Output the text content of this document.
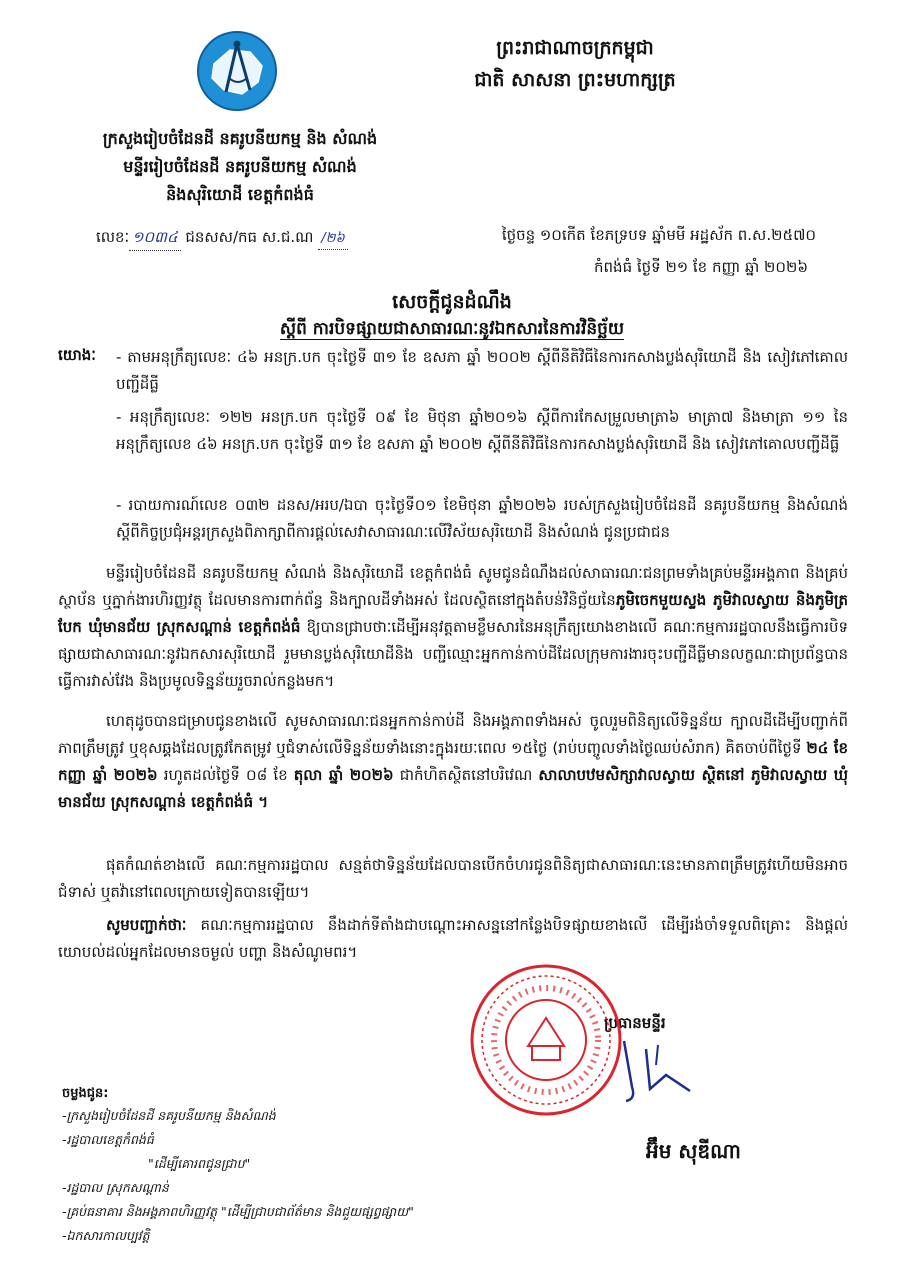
ព្រះរាជាណាចក្រកម្ពុជា
ជាតិ សាសនា ព្រះមហាក្សត្រ
ក្រសួងរៀបចំដែនដី នគរូបនីយកម្ម និង សំណង់
មន្ទីររៀបចំដែនដី នគរូបនីយកម្ម សំណង់
និងសុរិយោដី ខេត្តកំពង់ធំ
លេខៈ ១០៣៤ ជនសស/កធ ស.ជ.ណ /២៦	ថ្ងៃចន្ទ ១០កើត ខែភទ្របទ ឆ្នាំមមី អដ្ឋស័ក ព.ស.២៥៧០
កំពង់ធំ ថ្ងៃទី ២១ ខែ កញ្ញា ឆ្នាំ ២០២៦
សេចក្តីជូនដំណឹង
ស្តីពី ការបិទផ្សាយជាសាធារណៈនូវឯកសារនៃការវិនិច្ឆ័យ
យោងៈ - តាមអនុក្រឹត្យលេខៈ ៤៦ អនក្រ.បក ចុះថ្ងៃទី ៣១ ខែ ឧសភា ឆ្នាំ ២០០២ ស្តីពីនីតិវិធីនៃការកសាងប្លង់សុរិយោដី និង សៀវភៅគោលបញ្ជីដីធ្លី
- អនុក្រឹត្យលេខៈ ១២២ អនក្រ.បក ចុះថ្ងៃទី ០៩ ខែ មិថុនា ឆ្នាំ២០១៦ ស្តីពីការកែសម្រួលមាត្រា៦ មាត្រា៧ និងមាត្រា ១១ នៃអនុក្រឹត្យលេខ ៤៦ អនក្រ.បក ចុះថ្ងៃទី ៣១ ខែ ឧសភា ឆ្នាំ ២០០២ ស្តីពីនីតិវិធីនៃការកសាងប្លង់សុរិយោដី និង សៀវភៅគោលបញ្ជីដីធ្លី
- របាយការណ៍លេខ ០៣២ ដនស/អរប/ឯបា ចុះថ្ងៃទី០១ ខែមិថុនា ឆ្នាំ២០២៦ របស់ក្រសួងរៀបចំដែនដី នគរូបនីយកម្ម និងសំណង់ស្តីពីកិច្ចប្រជុំអន្តរក្រសួងពិភាក្សាពីការផ្តល់សេវាសាធារណៈលើវិស័យសុរិយោដី និងសំណង់ ជូនប្រជាជន
មន្ទីររៀបចំដែនដី នគរូបនីយកម្ម សំណង់ និងសុរិយោដី ខេត្តកំពង់ធំ សូមជូនដំណឹងដល់សាធារណៈជនព្រមទាំងគ្រប់មន្ទីរអង្គភាព និងគ្រប់ស្ថាប័ន ឬភ្នាក់ងារហិរញ្ញវត្ថុ ដែលមានការពាក់ព័ន្ធ និងក្បាលដីទាំងអស់ ដែលស្ថិតនៅក្នុងតំបន់វិនិច្ឆ័យនៃភូមិចេកមួយស្ទង ភូមិវាលស្វាយ និងភូមិត្របែក ឃុំមានជ័យ ស្រុកសណ្តាន់ ខេត្តកំពង់ធំ ឱ្យបានជ្រាបថាៈដើម្បីអនុវត្តតាមខ្លឹមសារនៃអនុក្រឹត្យយោងខាងលើ គណៈកម្មការរដ្ឋបាលនឹងធ្វើការបិទផ្សាយជាសាធារណៈនូវឯកសារសុរិយោដី រួមមានប្លង់សុរិយោដីនិង បញ្ជីឈ្មោះអ្នកកាន់កាប់ដីដែលក្រុមការងារចុះបញ្ជីដីធ្លីមានលក្ខណៈជាប្រព័ន្ធបានធ្វើការវាស់វែង និងប្រមូលទិន្នន័យរួចរាល់កន្លងមក។
ហេតុដូចបានជម្រាបជូនខាងលើ សូមសាធារណៈជនអ្នកកាន់កាប់ដី និងអង្គភាពទាំងអស់ ចូលរួមពិនិត្យលើទិន្នន័យ ក្បាលដីដើម្បីបញ្ជាក់ពីភាពត្រឹមត្រូវ ឬខុសឆ្គងដែលត្រូវកែតម្រូវ ឬជំទាស់លើទិន្នន័យទាំងនោះក្នុងរយៈពេល ១៥ថ្ងៃ (រាប់បញ្ចូលទាំងថ្ងៃឈប់សំរាក) គិតចាប់ពីថ្ងៃទី ២៤ ខែ កញ្ញា ឆ្នាំ ២០២៦ រហូតដល់ថ្ងៃទី ០៨ ខែ តុលា ឆ្នាំ ២០២៦ ជាកំហិតស្ថិតនៅបរិវេណ សាលាបឋមសិក្សាវាលស្វាយ ស្ថិតនៅ ភូមិវាលស្វាយ ឃុំមានជ័យ ស្រុកសណ្តាន់ ខេត្តកំពង់ធំ ។
ផុតកំណត់ខាងលើ គណៈកម្មការរដ្ឋបាល សន្មត់ថាទិន្នន័យដែលបានបើកចំហរជូនពិនិត្យជាសាធារណៈនេះមានភាពត្រឹមត្រូវហើយមិនអាចជំទាស់ ឬតវ៉ានៅពេលក្រោយទៀតបានឡើយ។
សូមបញ្ជាក់ថាៈ គណៈកម្មការរដ្ឋបាល នឹងដាក់ទីតាំងជាបណ្តោះអាសន្ននៅកន្លែងបិទផ្សាយខាងលើ ដើម្បីរង់ចាំទទួលពិគ្រោះ និងផ្តល់យោបល់ដល់អ្នកដែលមានចម្ងល់ បញ្ហា និងសំណូមពរ។
ប្រធានមន្ទីរ
អ៊ឹម សុឌីណា
ចម្លងជូន:
-ក្រសួងរៀបចំដែនដី នគរូបនីយកម្ម និងសំណង់
-រដ្ឋបាលខេត្តកំពង់ធំ
"ដើម្បីគោរពជូនជ្រាប"
-រដ្ឋបាល ស្រុកសណ្តាន់
-គ្រប់ធនាគារ និងអង្គភាពហិរញ្ញវត្ថុ "ដើម្បីជ្រាបជាព័ត៌មាន និងជួយផ្សព្វផ្សាយ"
-ឯកសារកាលប្បវត្តិ
